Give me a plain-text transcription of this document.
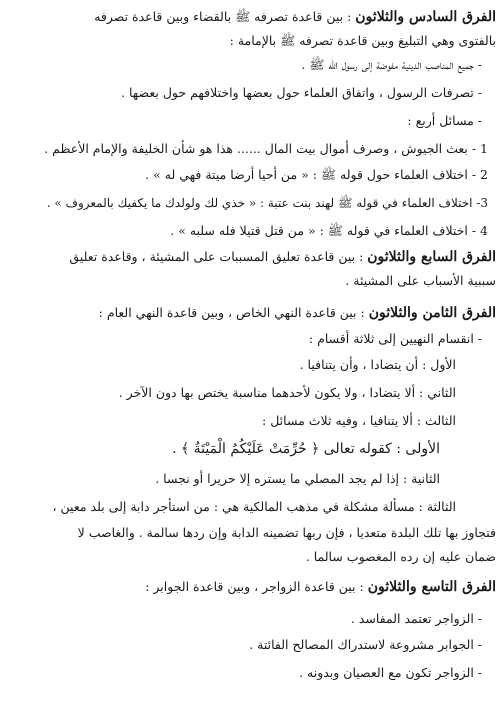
الفرق السادس والثلاثون : بين قاعدة تصرفه ﷺ بالقضاء وبين قاعدة تصرفه
بالفتوى وهي التبليغ وبين قاعدة تصرفه ﷺ بالإمامة :
- جميع المناصب الدينية مفوضة إلى رسول الله ﷺ .
- تصرفات الرسول ، واتفاق العلماء حول بعضها واختلافهم حول بعضها .
- مسائل أربع :
1 - بعث الجيوش ، وصرف أموال بيت المال ...... هذا هو شأن الخليفة والإمام الأعظم .
2 - اختلاف العلماء حول قوله ﷺ : « من أحيا أرضا ميتة فهي له » .
3- اختلاف العلماء في قوله ﷺ لهند بنت عتبة : « خذي لك ولولدك ما يكفيك بالمعروف » .
4 - اختلاف العلماء في قوله ﷺ : « من قتل قتيلا فله سلبه » .
الفرق السابع والثلاثون : بين قاعدة تعليق المسببات على المشيئة ، وقاعدة تعليق
سببية الأسباب على المشيئة .
الفرق الثامن والثلاثون : بين قاعدة النهي الخاص ، وبين قاعدة النهي العام :
- انقسام النهيين إلى ثلاثة أقسام :
الأول : أن يتضادا ، وأن يتنافيا .
الثاني : ألا يتضادا ، ولا يكون لأحدهما مناسبة يختص بها دون الآخر .
الثالث : ألا يتنافيا ، وفيه ثلاث مسائل :
الأولى : كقوله تعالى ﴿ حُرِّمَتْ عَلَيْكُمُ الْمَيْتَةُ ﴾ .
الثانية : إذا لم يجد المصلي ما يستره إلا حريرا أو نجسا .
الثالثة : مسألة مشكلة في مذهب المالكية هي : من استأجر دابة إلى بلد معين ،
فتجاوز بها تلك البلدة متعديا ، فإن ربها تضمينه الدابة وإن ردها سالمة . والغاصب لا
ضمان عليه إن رده المغصوب سالما .
الفرق التاسع والثلاثون : بين قاعدة الزواجر ، وبين قاعدة الجوابر :
- الزواجر تعتمد المفاسد .
- الجوابر مشروعة لاستدراك المصالح الفائتة .
- الزواجر تكون مع العصيان وبدونه .
